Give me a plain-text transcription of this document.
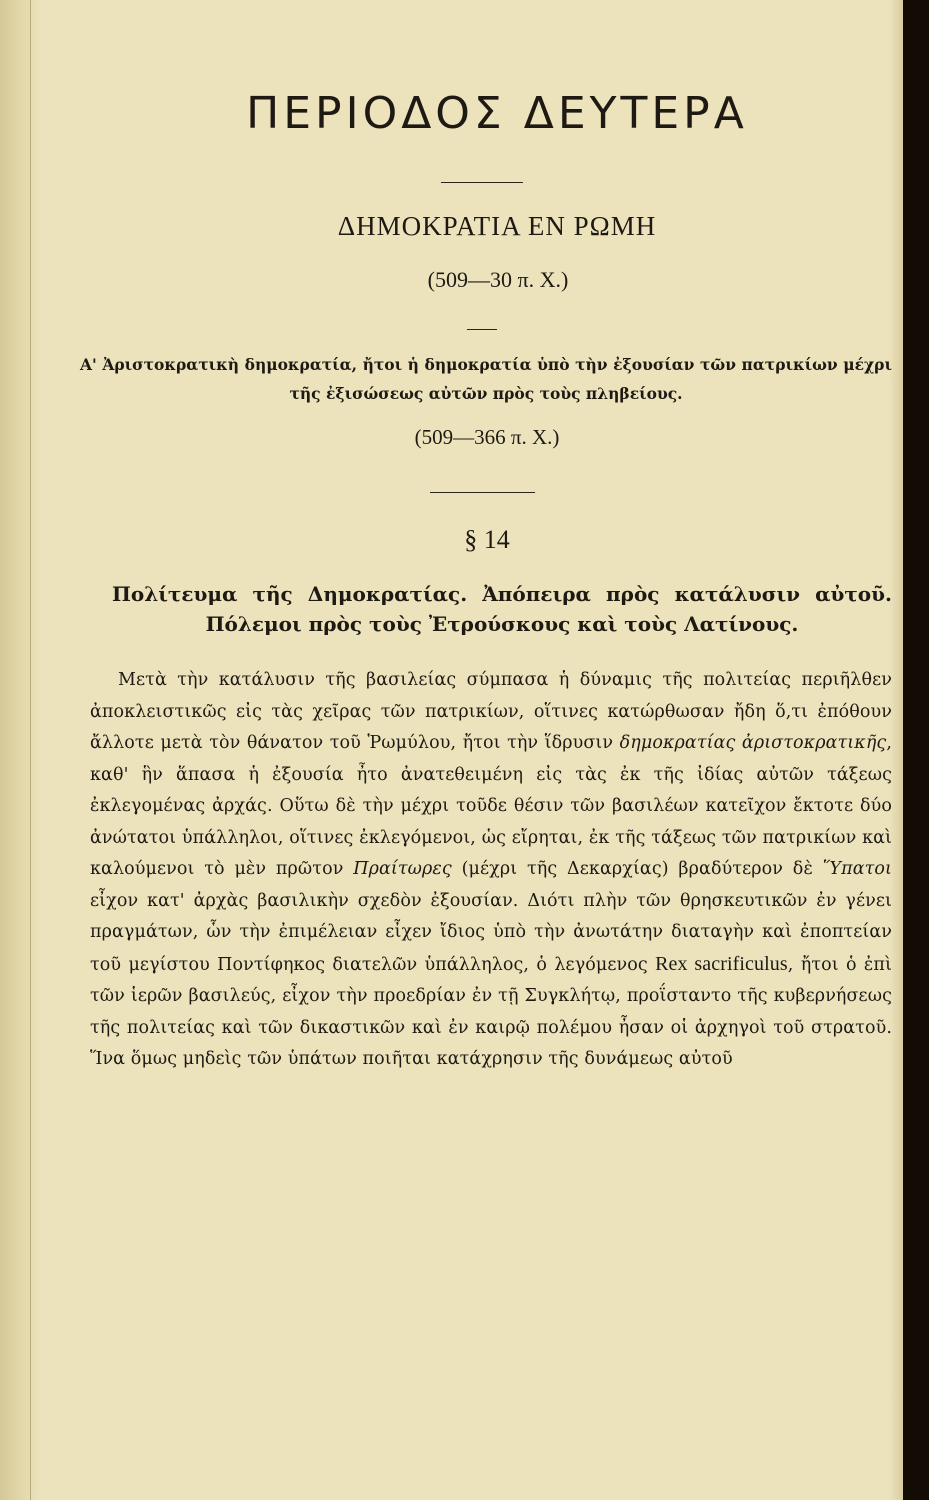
ΠΕΡΙΟΔΟΣ ΔΕΥΤΕΡΑ
ΔΗΜΟΚΡΑΤΙΑ ΕΝ ΡΩΜΗ
(509—30 π. Χ.)
Α' Ἀριστοκρατικὴ δημοκρατία, ἤτοι ἡ δημοκρατία ὑπὸ τὴν ἐξουσίαν τῶν πατρικίων μέχρι τῆς ἐξισώσεως αὐτῶν πρὸς τοὺς πληβείους.
(509—366 π. Χ.)
§ 14
Πολίτευμα τῆς Δημοκρατίας. Ἀπόπειρα πρὸς κατάλυσιν αὐτοῦ. Πόλεμοι πρὸς τοὺς Ἐτρούσκους καὶ τοὺς Λατίνους.
Μετὰ τὴν κατάλυσιν τῆς βασιλείας σύμπασα ἡ δύναμις τῆς πολιτείας περιῆλθεν ἀποκλειστικῶς εἰς τὰς χεῖρας τῶν πατρικίων, οἵτινες κατώρθωσαν ἤδη ὅ,τι ἐπόθουν ἄλλοτε μετὰ τὸν θάνατον τοῦ Ῥωμύλου, ἤτοι τὴν ἵδρυσιν δημοκρατίας ἀριστοκρατικῆς, καθ' ἣν ἅπασα ἡ ἐξουσία ἦτο ἀνατεθειμένη εἰς τὰς ἐκ τῆς ἰδίας αὐτῶν τάξεως ἐκλεγομένας ἀρχάς. Οὕτω δὲ τὴν μέχρι τοῦδε θέσιν τῶν βασιλέων κατεῖχον ἔκτοτε δύο ἀνώτατοι ὑπάλληλοι, οἵτινες ἐκλεγόμενοι, ὡς εἴρηται, ἐκ τῆς τάξεως τῶν πατρικίων καὶ καλούμενοι τὸ μὲν πρῶτον Πραίτωρες (μέχρι τῆς Δεκαρχίας) βραδύτερον δὲ Ὕπατοι εἶχον κατ' ἀρχὰς βασιλικὴν σχεδὸν ἐξουσίαν. Διότι πλὴν τῶν θρησκευτικῶν ἐν γένει πραγμάτων, ὧν τὴν ἐπιμέλειαν εἶχεν ἴδιος ὑπὸ τὴν ἀνωτάτην διαταγὴν καὶ ἐποπτείαν τοῦ μεγίστου Ποντίφηκος διατελῶν ὑπάλληλος, ὁ λεγόμενος Rex sacrificulus, ἤτοι ὁ ἐπὶ τῶν ἱερῶν βασιλεύς, εἶχον τὴν προεδρίαν ἐν τῇ Συγκλήτῳ, προΐσταντο τῆς κυβερνήσεως τῆς πολιτείας καὶ τῶν δικαστικῶν καὶ ἐν καιρῷ πολέμου ἦσαν οἱ ἀρχηγοὶ τοῦ στρατοῦ. Ἵνα ὅμως μηδεὶς τῶν ὑπάτων ποιῆται κατάχρησιν τῆς δυνάμεως αὐτοῦ
